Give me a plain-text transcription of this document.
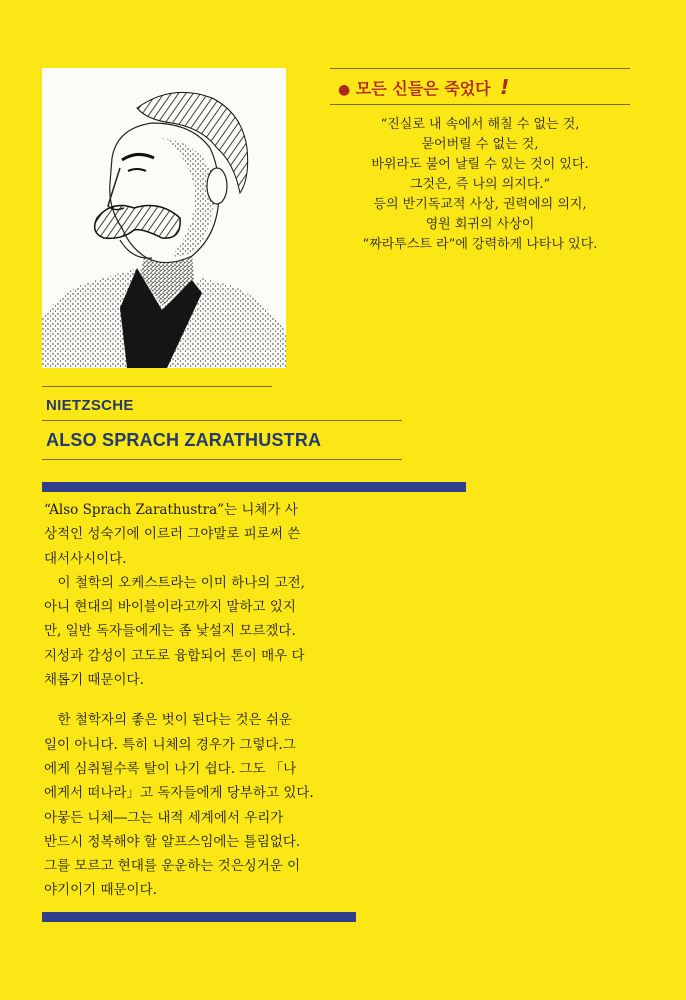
● 모든 신들은 죽었다 !
“진실로 내 속에서 해칠 수 없는 것,
묻어버릴 수 없는 것,
바위라도 불어 날릴 수 있는 것이 있다.
그것은, 즉 나의 의지다.”
등의 반기독교적 사상, 권력에의 의지,
영원 회귀의 사상이
“짜라투스트 라”에 강력하게 나타나 있다.
NIETZSCHE
ALSO SPRACH ZARATHUSTRA
“Also Sprach Zarathustra”는 니체가 사
상적인 성숙기에 이르러 그야말로 피로써 쓴
대서사시이다.
　이 철학의 오케스트라는 이미 하나의 고전,
아니 현대의 바이블이라고까지 말하고 있지
만, 일반 독자들에게는 좀 낯설지 모르겠다.
지성과 감성이 고도로 융합되어 톤이 매우 다
채롭기 때문이다.
　한 철학자의 좋은 벗이 된다는 것은 쉬운
일이 아니다. 특히 니체의 경우가 그렇다.그
에게 심취될수록 탈이 나기 쉽다. 그도 「나
에게서 떠나라」고 독자들에게 당부하고 있다.
아뭏든 니체―그는 내적 세계에서 우리가
반드시 정복해야 할 알프스임에는 틀림없다.
그를 모르고 현대를 운운하는 것은싱거운 이
야기이기 때문이다.
